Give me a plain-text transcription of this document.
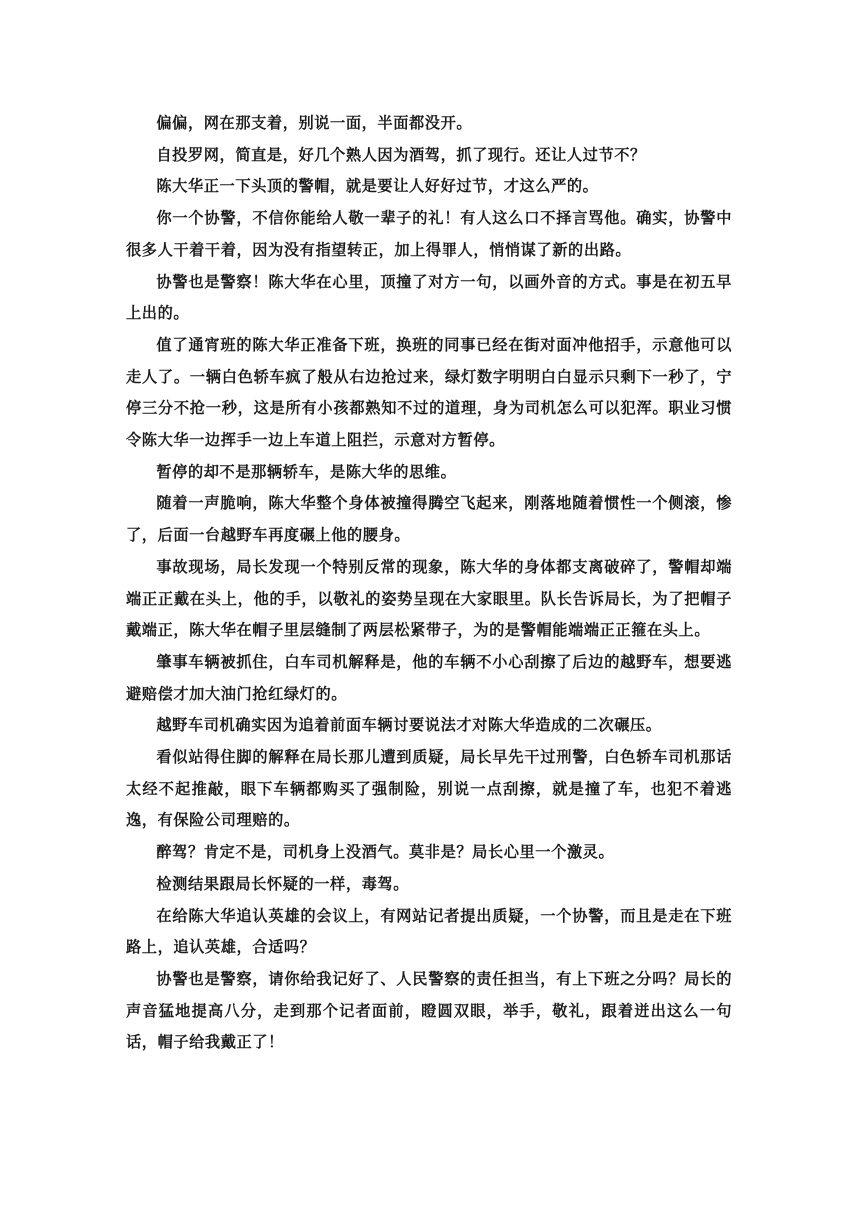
偏偏，网在那支着，别说一面，半面都没开。

自投罗网，简直是，好几个熟人因为酒驾，抓了现行。还让人过节不？

陈大华正一下头顶的警帽，就是要让人好好过节，才这么严的。

你一个协警，不信你能给人敬一辈子的礼！有人这么口不择言骂他。确实，协警中很多人干着干着，因为没有指望转正，加上得罪人，悄悄谋了新的出路。

协警也是警察！陈大华在心里，顶撞了对方一句，以画外音的方式。事是在初五早上出的。

值了通宵班的陈大华正准备下班，换班的同事已经在街对面冲他招手，示意他可以走人了。一辆白色轿车疯了般从右边抢过来，绿灯数字明明白白显示只剩下一秒了，宁停三分不抢一秒，这是所有小孩都熟知不过的道理，身为司机怎么可以犯浑。职业习惯令陈大华一边挥手一边上车道上阻拦，示意对方暂停。

暂停的却不是那辆轿车，是陈大华的思维。

随着一声脆响，陈大华整个身体被撞得腾空飞起来，刚落地随着惯性一个侧滚，惨了，后面一台越野车再度碾上他的腰身。

事故现场，局长发现一个特别反常的现象，陈大华的身体都支离破碎了，警帽却端端正正戴在头上，他的手，以敬礼的姿势呈现在大家眼里。队长告诉局长，为了把帽子戴端正，陈大华在帽子里层缝制了两层松紧带子，为的是警帽能端端正正箍在头上。

肇事车辆被抓住，白车司机解释是，他的车辆不小心刮擦了后边的越野车，想要逃避赔偿才加大油门抢红绿灯的。

越野车司机确实因为追着前面车辆讨要说法才对陈大华造成的二次碾压。

看似站得住脚的解释在局长那儿遭到质疑，局长早先干过刑警，白色轿车司机那话太经不起推敲，眼下车辆都购买了强制险，别说一点刮擦，就是撞了车，也犯不着逃逸，有保险公司理赔的。

醉驾？肯定不是，司机身上没酒气。莫非是？局长心里一个激灵。

检测结果跟局长怀疑的一样，毒驾。

在给陈大华追认英雄的会议上，有网站记者提出质疑，一个协警，而且是走在下班路上，追认英雄，合适吗？

协警也是警察，请你给我记好了、人民警察的责任担当，有上下班之分吗？局长的声音猛地提高八分，走到那个记者面前，瞪圆双眼，举手，敬礼，跟着迸出这么一句话，帽子给我戴正了！
